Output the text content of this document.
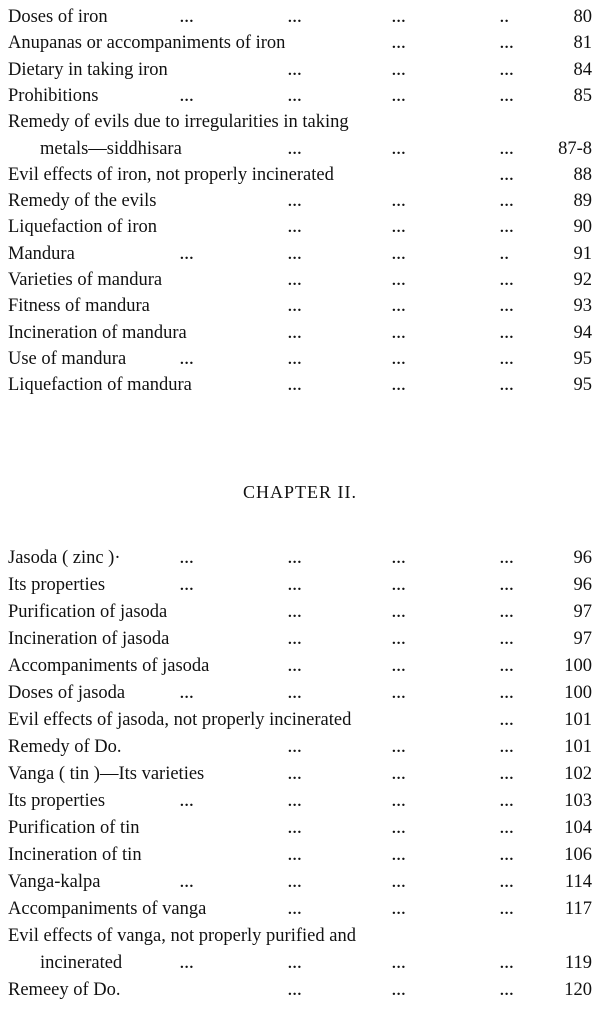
Doses of iron	...	...	...	..	80
Anupanas or accompaniments of iron	...	...	81
Dietary in taking iron	...	...	...	84
Prohibitions	...	...	...	...	85
Remedy of evils due to irregularities in taking
metals—siddhisara	...	...	... 87-8
Evil effects of iron, not properly incinerated	...	88
Remedy of the evils	...	...	...	89
Liquefaction of iron	...	...	...	90
Mandura	...	...	...	..	91
Varieties of mandura	...	...	...	92
Fitness of mandura	...	...	...	93
Incineration of mandura	...	...	...	94
Use of mandura	...	...	...	...	95
Liquefaction of mandura	...	...	...	95
CHAPTER II.
Jasoda ( zinc )·	...	...	...	...	96
Its properties	...	...	...	...	96
Purification of jasoda	...	...	...	97
Incineration of jasoda	...	...	...	97
Accompaniments of jasoda	...	...	...	100
Doses of jasoda	...	...	...	...	100
Evil effects of jasoda, not properly incinerated	...	101
Remedy of Do.	...	...	...	101
Vanga ( tin )—Its varieties	...	...	...	102
Its properties	...	...	...	...	103
Purification of tin	...	...	...	104
Incineration of tin	...	...	...	106
Vanga-kalpa	...	...	...	...	114
Accompaniments of vanga	...	...	...	117
Evil effects of vanga, not properly purified and
incinerated	...	...	...	...	119
Remeey of Do.	...	...	...	120
